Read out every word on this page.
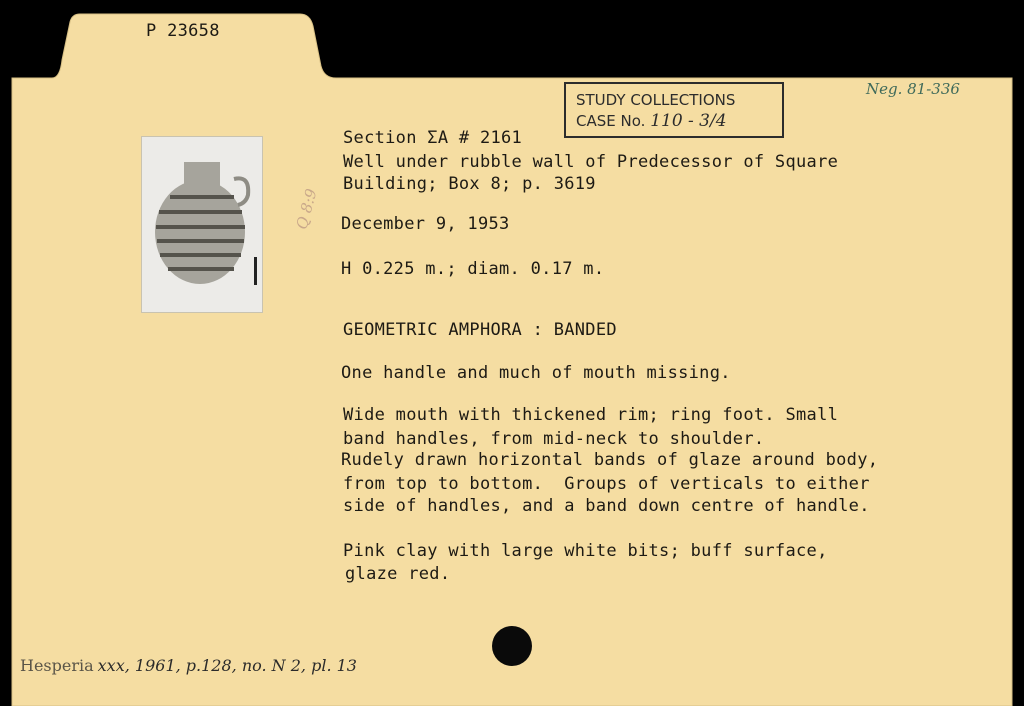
P 23658
Neg. 81-336
STUDY COLLECTIONS
CASE No. 110 - 3/4
Q 8:9
Section ΣA # 2161
Well under rubble wall of Predecessor of Square
Building; Box 8; p. 3619
December 9, 1953
H 0.225 m.; diam. 0.17 m.
GEOMETRIC AMPHORA : BANDED
One handle and much of mouth missing.
Wide mouth with thickened rim; ring foot. Small
band handles, from mid-neck to shoulder.
Rudely drawn horizontal bands of glaze around body,
from top to bottom.  Groups of verticals to either
side of handles, and a band down centre of handle.
Pink clay with large white bits; buff surface,
glaze red.
Hesperia xxx, 1961, p.128, no. N 2, pl. 13
